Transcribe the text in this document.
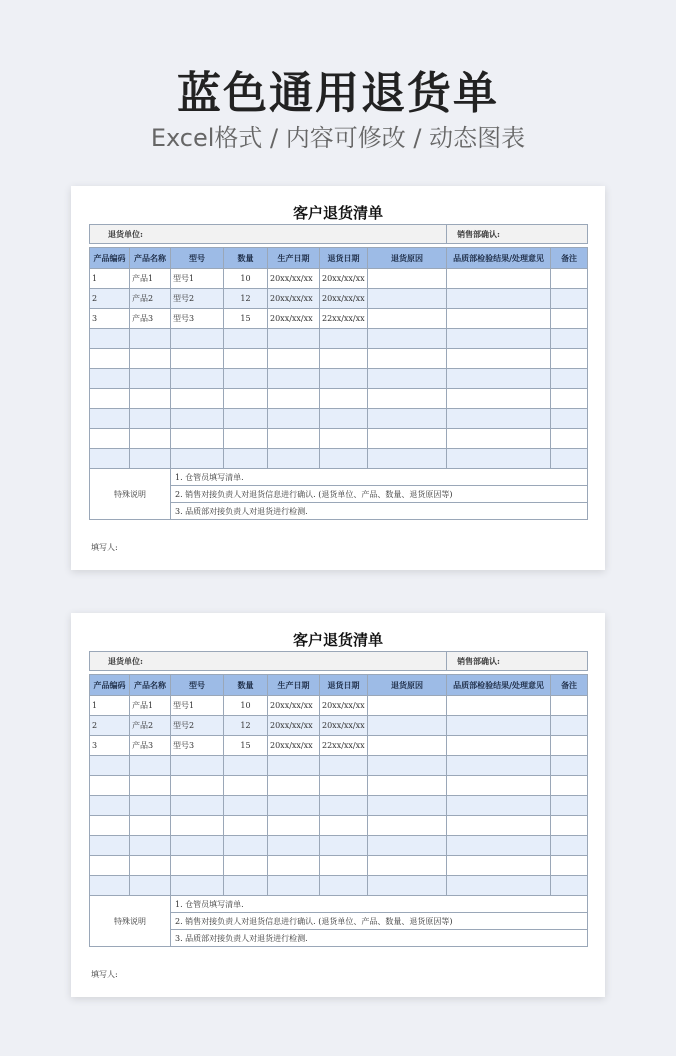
蓝色通用退货单
Excel格式 / 内容可修改 / 动态图表
客户退货清单
退货单位:							销售部确认:	

产品编码	产品名称	型号	数量	生产日期	退货日期	退货原因	品质部检验结果/处理意见	备注
1	产品1	型号1	10	20xx/xx/xx	20xx/xx/xx			
2	产品2	型号2	12	20xx/xx/xx	20xx/xx/xx			
3	产品3	型号3	15	20xx/xx/xx	22xx/xx/xx			

特殊说明		1. 仓管员填写清单.						
		2. 销售对接负责人对退货信息进行确认. (退货单位、产品、数量、退货原因等)						
		3. 品质部对接负责人对退货进行检测.						
填写人:
客户退货清单
退货单位:							销售部确认:	

产品编码	产品名称	型号	数量	生产日期	退货日期	退货原因	品质部检验结果/处理意见	备注
1	产品1	型号1	10	20xx/xx/xx	20xx/xx/xx			
2	产品2	型号2	12	20xx/xx/xx	20xx/xx/xx			
3	产品3	型号3	15	20xx/xx/xx	22xx/xx/xx			

特殊说明		1. 仓管员填写清单.						
		2. 销售对接负责人对退货信息进行确认. (退货单位、产品、数量、退货原因等)						
		3. 品质部对接负责人对退货进行检测.						
填写人:
